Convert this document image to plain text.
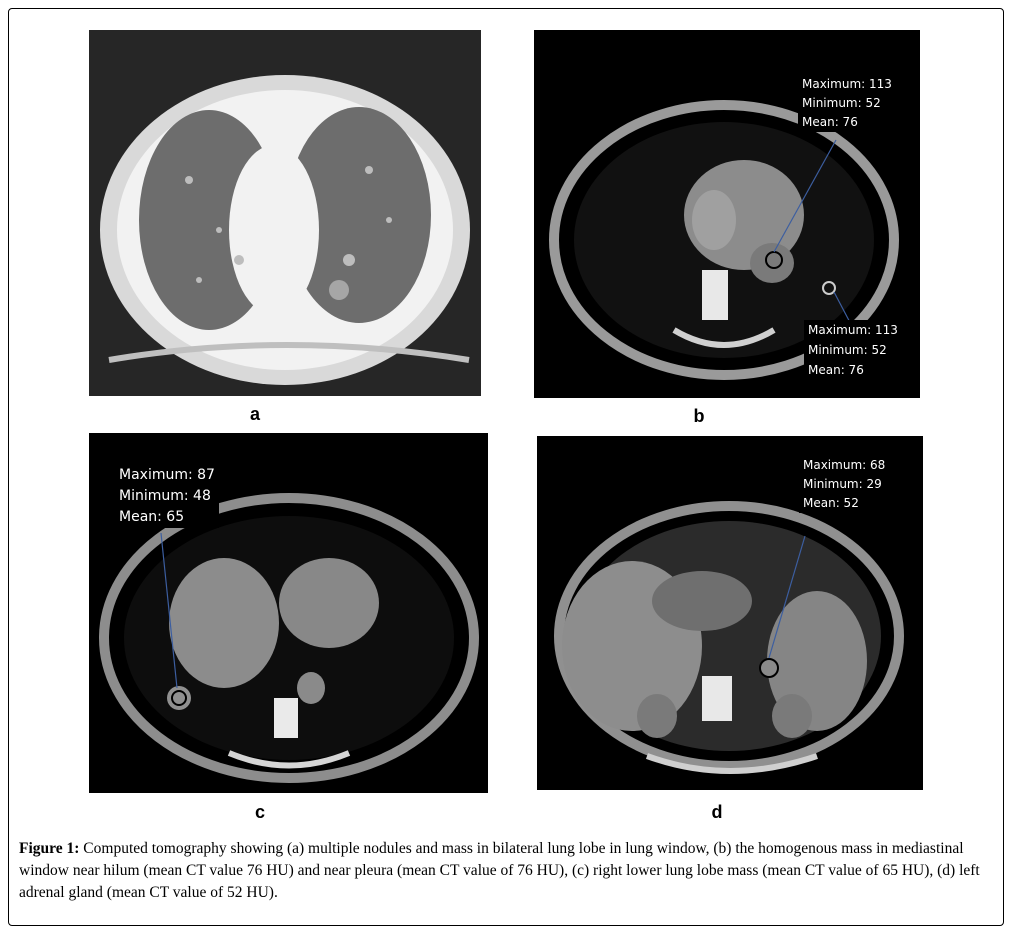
a
Maximum: 113
Minimum: 52
Mean: 76
Maximum: 113
Minimum: 52
Mean: 76
b
Maximum: 87
Minimum: 48
Mean: 65
c
Maximum: 68
Minimum: 29
Mean: 52
d
Figure 1: Computed tomography showing (a) multiple nodules and mass in bilateral lung lobe in lung window, (b) the homogenous mass in mediastinal window near hilum (mean CT value 76 HU) and near pleura (mean CT value of 76 HU), (c) right lower lung lobe mass (mean CT value of 65 HU), (d) left adrenal gland (mean CT value of 52 HU).
